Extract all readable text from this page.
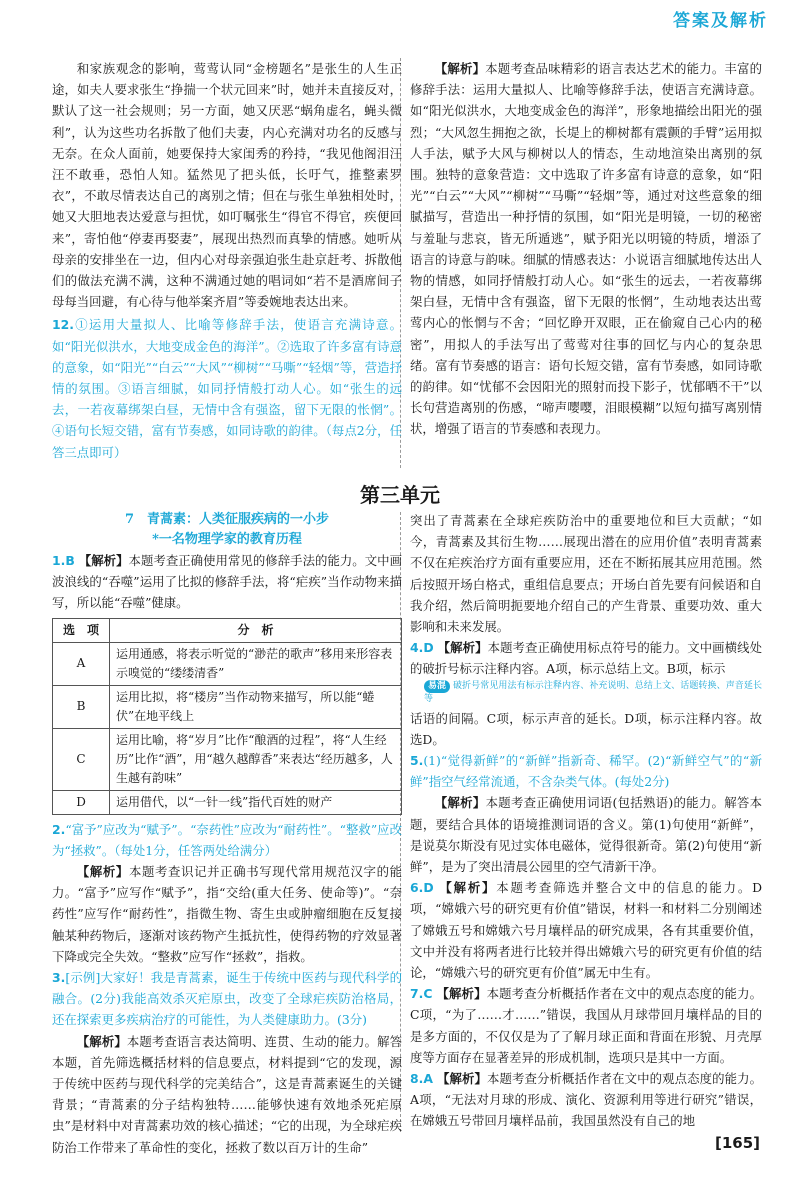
答案及解析

和家族观念的影响，莺莺认同“金榜题名”是张生的人生正途，如夫人要求张生“挣揣一个状元回来”时，她并未直接反对，默认了这一社会规则；另一方面，她又厌恶“蜗角虚名，蝇头微利”，认为这些功名拆散了他们夫妻，内心充满对功名的反感与无奈。在众人面前，她要保持大家闺秀的矜持，“我见他阁泪汪汪不敢垂，恐怕人知。猛然见了把头低，长吁气，推整素罗衣”，不敢尽情表达自己的离别之情；但在与张生单独相处时，她又大胆地表达爱意与担忧，如叮嘱张生“得官不得官，疾便回来”，寄怕他“停妻再娶妻”，展现出热烈而真挚的情感。她听从母亲的安排坐在一边，但内心对母亲强迫张生赴京赶考、拆散他们的做法充满不满，这种不满通过她的唱词如“若不是酒席间子母每当回避，有心待与他举案齐眉”等委婉地表达出来。

12.①运用大量拟人、比喻等修辞手法，使语言充满诗意。如“阳光似洪水，大地变成金色的海洋”。②选取了许多富有诗意的意象，如“阳光”“白云”“大风”“柳树”“马嘶”“轻烟”等，营造抒情的氛围。③语言细腻，如同抒情般打动人心。如“张生的远去，一若夜幕绑架白昼，无情中含有强盗，留下无限的怅惘”。④语句长短交错，富有节奏感，如同诗歌的韵律。（每点2分，任答三点即可）

【解析】本题考查品味精彩的语言表达艺术的能力。丰富的修辞手法：运用大量拟人、比喻等修辞手法，使语言充满诗意。如“阳光似洪水，大地变成金色的海洋”，形象地描绘出阳光的强烈；“大风忽生拥抱之欲，长堤上的柳树都有震颤的手臂”运用拟人手法，赋予大风与柳树以人的情态，生动地渲染出离别的氛围。独特的意象营造：文中选取了许多富有诗意的意象，如“阳光”“白云”“大风”“柳树”“马嘶”“轻烟”等，通过对这些意象的细腻描写，营造出一种抒情的氛围，如“阳光是明镜，一切的秘密与羞耻与悲哀，皆无所遁逃”，赋予阳光以明镜的特质，增添了语言的诗意与韵味。细腻的情感表达：小说语言细腻地传达出人物的情感，如同抒情般打动人心。如“张生的远去，一若夜幕绑架白昼，无情中含有强盗，留下无限的怅惘”，生动地表达出莺莺内心的怅惘与不舍；“回忆睁开双眼，正在偷窥自己心内的秘密”，用拟人的手法写出了莺莺对往事的回忆与内心的复杂思绪。富有节奏感的语言：语句长短交错，富有节奏感，如同诗歌的韵律。如“忧郁不会因阳光的照射而投下影子，忧郁晒不干”以长句营造离别的伤感，“啼声嘤嘤，泪眼模糊”以短句描写离别情状，增强了语言的节奏感和表现力。

第三单元
7　青蒿素：人类征服疾病的一小步
*一名物理学家的教育历程

1.B 【解析】本题考查正确使用常见的修辞手法的能力。文中画波浪线的“吞噬”运用了比拟的修辞手法，将“疟疾”当作动物来描写，所以能“吞噬”健康。

选　项	分　析
A	运用通感，将表示听觉的“渺茫的歌声”移用来形容表示嗅觉的“缕缕清香”
B	运用比拟，将“楼房”当作动物来描写，所以能“蜷伏”在地平线上
C	运用比喻，将“岁月”比作“酿酒的过程”，将“人生经历”比作“酒”，用“越久越醇香”来表达“经历越多，人生越有韵味”
D	运用借代，以“一针一线”指代百姓的财产

2.“富予”应改为“赋予”。“奈药性”应改为“耐药性”。“整救”应改为“拯救”。（每处1分，任答两处给满分）

【解析】本题考查识记并正确书写现代常用规范汉字的能力。“富予”应写作“赋予”，指“交给(重大任务、使命等)”。“奈药性”应写作“耐药性”，指微生物、寄生虫或肿瘤细胞在反复接触某种药物后，逐渐对该药物产生抵抗性，使得药物的疗效显著下降或完全失效。“整救”应写作“拯救”，指救。

3.[示例]大家好！我是青蒿素，诞生于传统中医药与现代科学的融合。(2分)我能高效杀灭疟原虫，改变了全球疟疾防治格局，还在探索更多疾病治疗的可能性，为人类健康助力。(3分)

【解析】本题考查语言表达简明、连贯、生动的能力。解答本题，首先筛选概括材料的信息要点，材料提到“它的发现，源于传统中医药与现代科学的完美结合”，这是青蒿素诞生的关键背景；“青蒿素的分子结构独特……能够快速有效地杀死疟原虫”是材料中对青蒿素功效的核心描述；“它的出现，为全球疟疾防治工作带来了革命性的变化，拯救了数以百万计的生命”

突出了青蒿素在全球疟疾防治中的重要地位和巨大贡献；“如今，青蒿素及其衍生物……展现出潜在的应用价值”表明青蒿素不仅在疟疾治疗方面有重要应用，还在不断拓展其应用范围。然后按照开场白格式，重组信息要点；开场白首先要有问候语和自我介绍，然后简明扼要地介绍自己的产生背景、重要功效、重大影响和未来发展。

4.D 【解析】本题考查正确使用标点符号的能力。文中画横线处的破折号标示注释内容。A项，标示总结上文。B项，标示

易混 破折号常见用法有标示注释内容、补充说明、总结上文、话题转换、声音延长等

话语的间隔。C项，标示声音的延长。D项，标示注释内容。故选D。

5.(1)“觉得新鲜”的“新鲜”指新奇、稀罕。(2)“新鲜空气”的“新鲜”指空气经常流通，不含杂类气体。(每处2分)

【解析】本题考查正确使用词语(包括熟语)的能力。解答本题，要结合具体的语境推测词语的含义。第(1)句使用“新鲜”，是说莫尔斯没有见过实体电磁体，觉得很新奇。第(2)句使用“新鲜”，是为了突出清晨公园里的空气清新干净。

6.D 【解析】本题考查筛选并整合文中的信息的能力。D项，“嫦娥六号的研究更有价值”错误，材料一和材料二分别阐述了嫦娥五号和嫦娥六号月壤样品的研究成果，各有其重要价值，文中并没有将两者进行比较并得出嫦娥六号的研究更有价值的结论，“嫦娥六号的研究更有价值”属无中生有。

7.C 【解析】本题考查分析概括作者在文中的观点态度的能力。C项，“为了……才……”错误，我国从月球带回月壤样品的目的是多方面的，不仅仅是为了了解月球正面和背面在形貌、月壳厚度等方面存在显著差异的形成机制，选项只是其中一方面。

8.A 【解析】本题考查分析概括作者在文中的观点态度的能力。A项，“无法对月球的形成、演化、资源利用等进行研究”错误，在嫦娥五号带回月壤样品前，我国虽然没有自己的地

[165]
